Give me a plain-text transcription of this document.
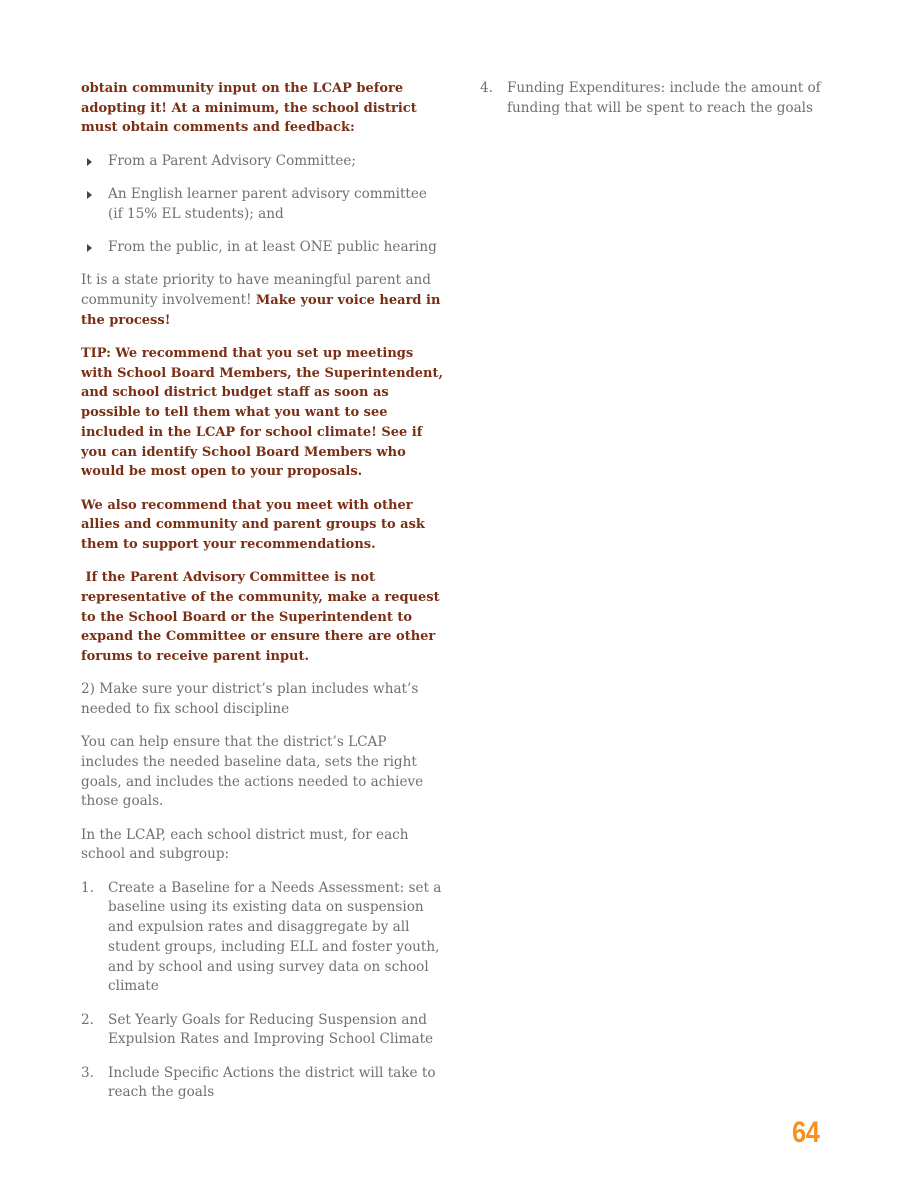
obtain community input on the LCAP before adopting it! At a minimum, the school district must obtain comments and feedback:

From a Parent Advisory Committee;
An English learner parent advisory committee (if 15% EL students); and
From the public, in at least ONE public hearing

It is a state priority to have meaningful parent and community involvement! Make your voice heard in the process!

TIP: We recommend that you set up meetings with School Board Members, the Superintendent, and school district budget staff as soon as possible to tell them what you want to see included in the LCAP for school climate! See if you can identify School Board Members who would be most open to your proposals.

We also recommend that you meet with other allies and community and parent groups to ask them to support your recommendations.

If the Parent Advisory Committee is not representative of the community, make a request to the School Board or the Superintendent to expand the Committee or ensure there are other forums to receive parent input.

2) Make sure your district’s plan includes what’s needed to fix school discipline

You can help ensure that the district’s LCAP includes the needed baseline data, sets the right goals, and includes the actions needed to achieve those goals.

In the LCAP, each school district must, for each school and subgroup:

1. Create a Baseline for a Needs Assessment: set a baseline using its existing data on suspension and expulsion rates and disaggregate by all student groups, including ELL and foster youth, and by school and using survey data on school climate
2. Set Yearly Goals for Reducing Suspension and Expulsion Rates and Improving School Climate
3. Include Specific Actions the district will take to reach the goals
4. Funding Expenditures: include the amount of funding that will be spent to reach the goals
64
